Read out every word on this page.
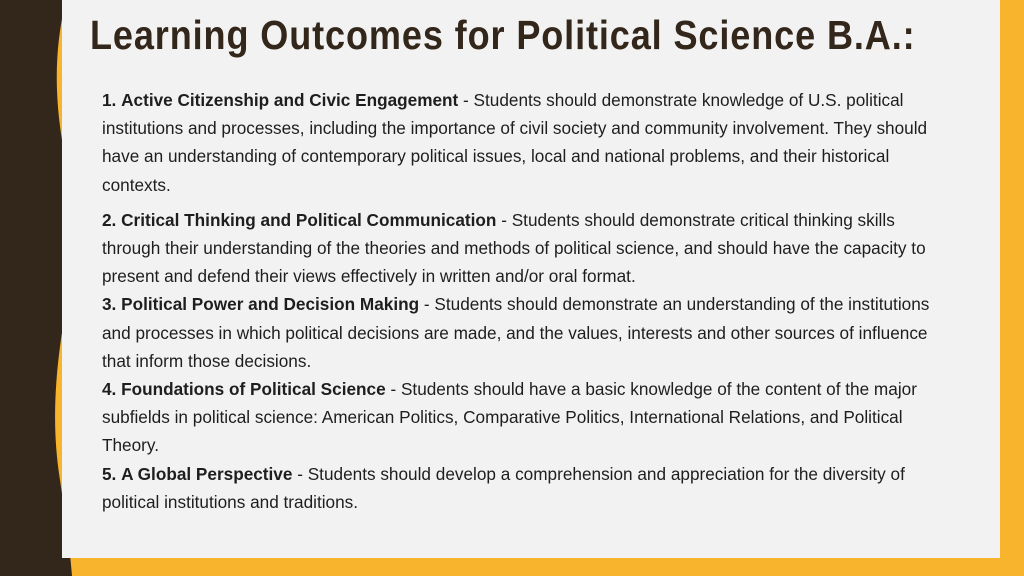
Learning Outcomes for Political Science B.A.:

1. Active Citizenship and Civic Engagement - Students should demonstrate knowledge of U.S. political institutions and processes, including the importance of civil society and community involvement. They should have an understanding of contemporary political issues, local and national problems, and their historical contexts.

2. Critical Thinking and Political Communication - Students should demonstrate critical thinking skills through their understanding of the theories and methods of political science, and should have the capacity to present and defend their views effectively in written and/or oral format.

3. Political Power and Decision Making - Students should demonstrate an understanding of the institutions and processes in which political decisions are made, and the values, interests and other sources of influence that inform those decisions.

4. Foundations of Political Science - Students should have a basic knowledge of the content of the major subfields in political science: American Politics, Comparative Politics, International Relations, and Political Theory.

5. A Global Perspective - Students should develop a comprehension and appreciation for the diversity of political institutions and traditions.
